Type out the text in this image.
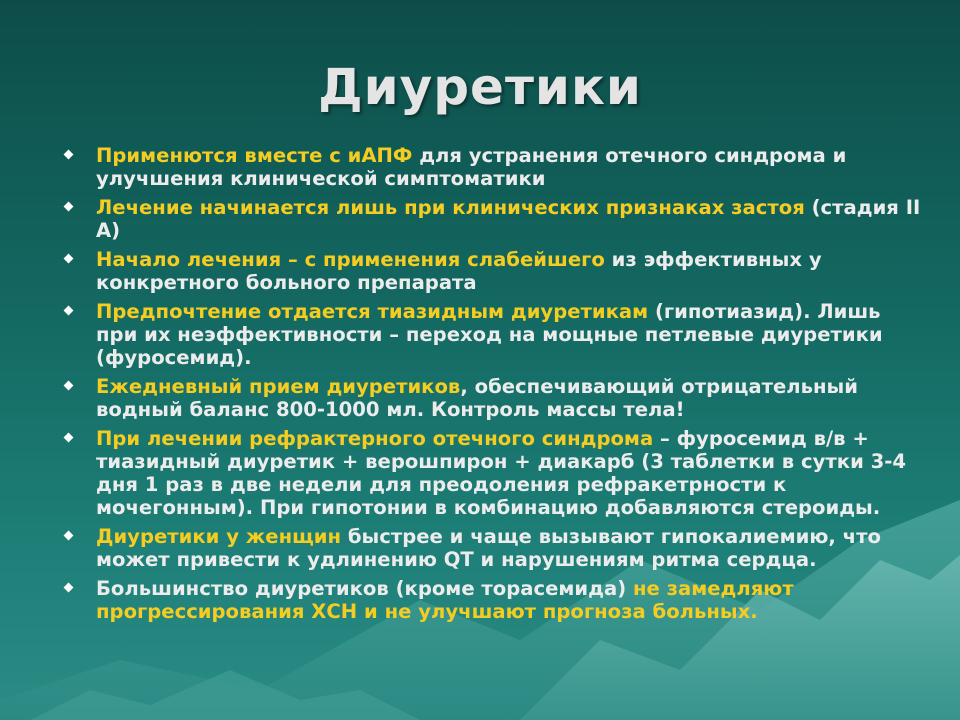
Диуретики
Применются вместе с иАПФ для устранения отечного синдрома и улучшения клинической симптоматики
Лечение начинается лишь при клинических признаках застоя (стадия II А)
Начало лечения – с применения слабейшего из эффективных у конкретного больного препарата
Предпочтение отдается тиазидным диуретикам (гипотиазид). Лишь при их неэффективности – переход на мощные петлевые диуретики (фуросемид).
Ежедневный прием диуретиков, обеспечивающий отрицательный водный баланс 800-1000 мл. Контроль массы тела!
При лечении рефрактерного отечного синдрома – фуросемид в/в + тиазидный диуретик + верошпирон + диакарб (3 таблетки в сутки 3-4 дня 1 раз в две недели для преодоления рефракетрности к мочегонным). При гипотонии в комбинацию добавляются стероиды.
Диуретики у женщин быстрее и чаще вызывают гипокалиемию, что может привести к удлинению QT и нарушениям ритма сердца.
Большинство диуретиков (кроме торасемида) не замедляют прогрессирования ХСН и не улучшают прогноза больных.
